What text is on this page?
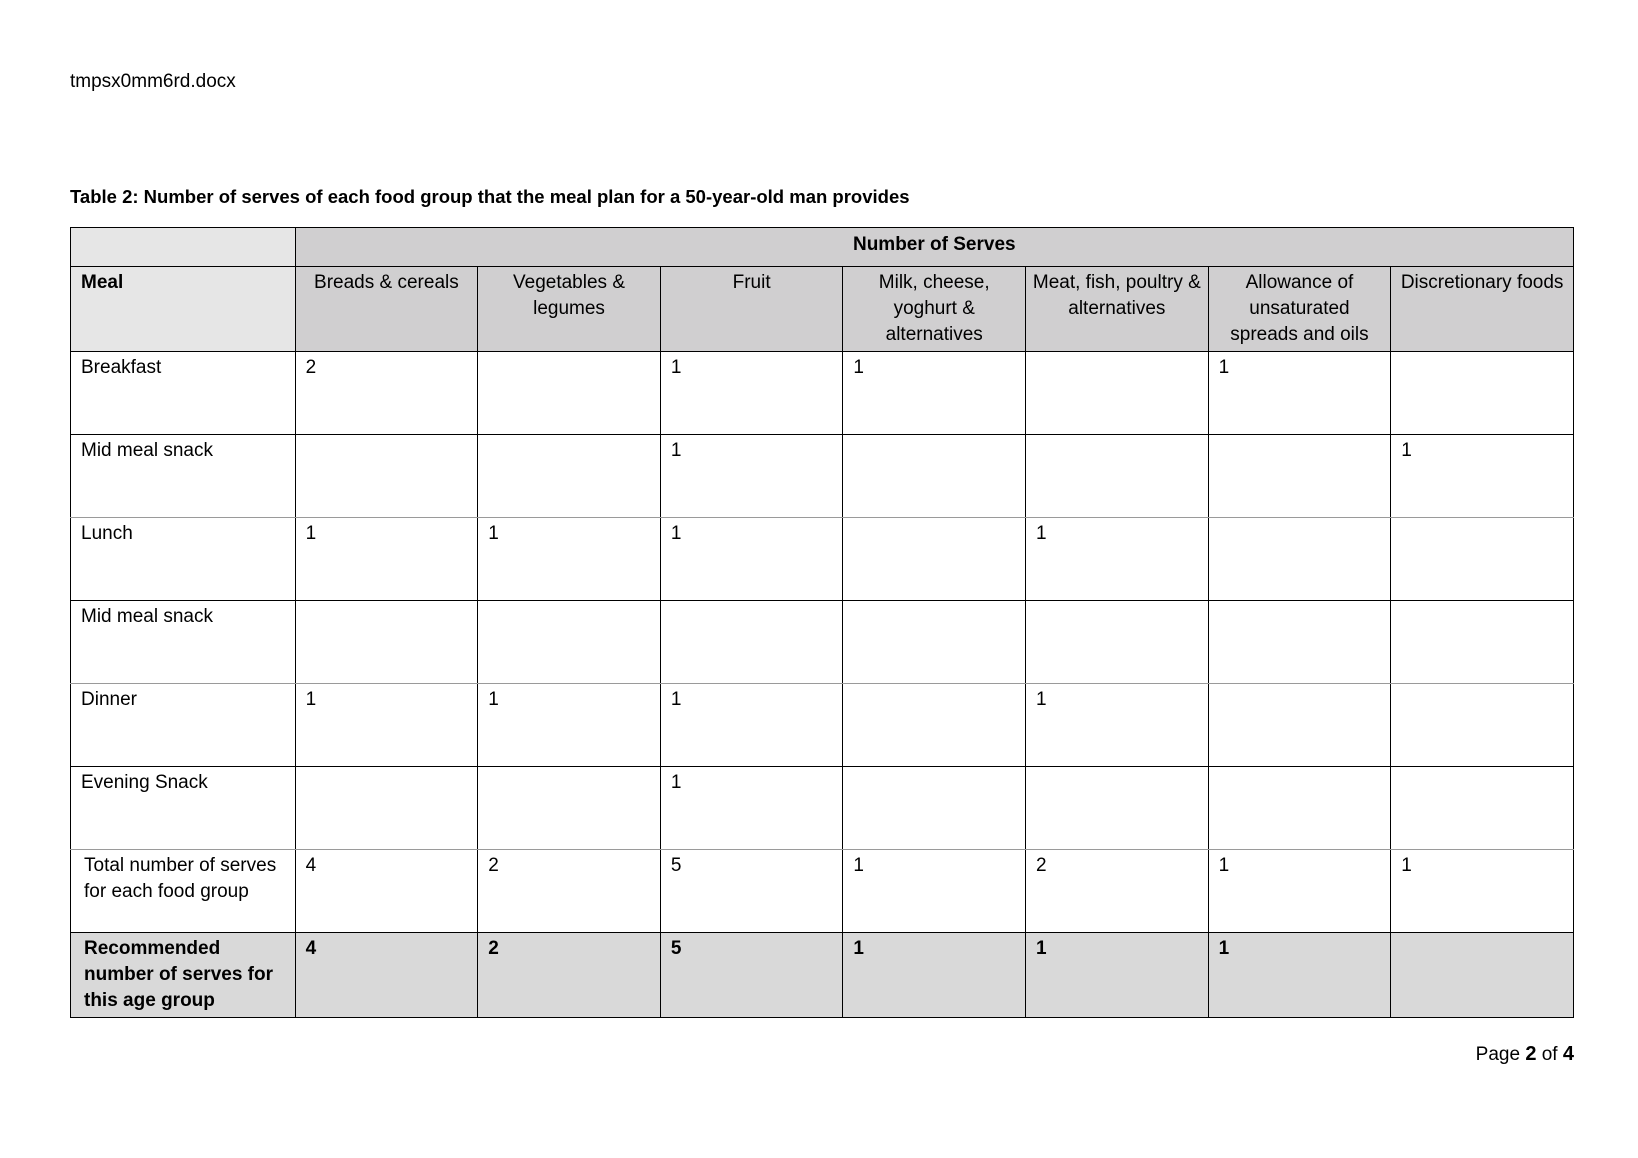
tmpsx0mm6rd.docx
Table 2: Number of serves of each food group that the meal plan for a 50-year-old man provides
	Number of Serves						
Meal	Breads & cereals	Vegetables & legumes	Fruit	Milk, cheese, yoghurt & alternatives	Meat, fish, poultry & alternatives	Allowance of unsaturated spreads and oils	Discretionary foods
Breakfast	2		1	1		1	
Mid meal snack			1				1
Lunch	1	1	1		1		
Mid meal snack							
Dinner	1	1	1		1		
Evening Snack			1				
Total number of serves for each food group	4	2	5	1	2	1	1
Recommended number of serves for this age group	4	2	5	1	1	1	
Page 2 of 4
